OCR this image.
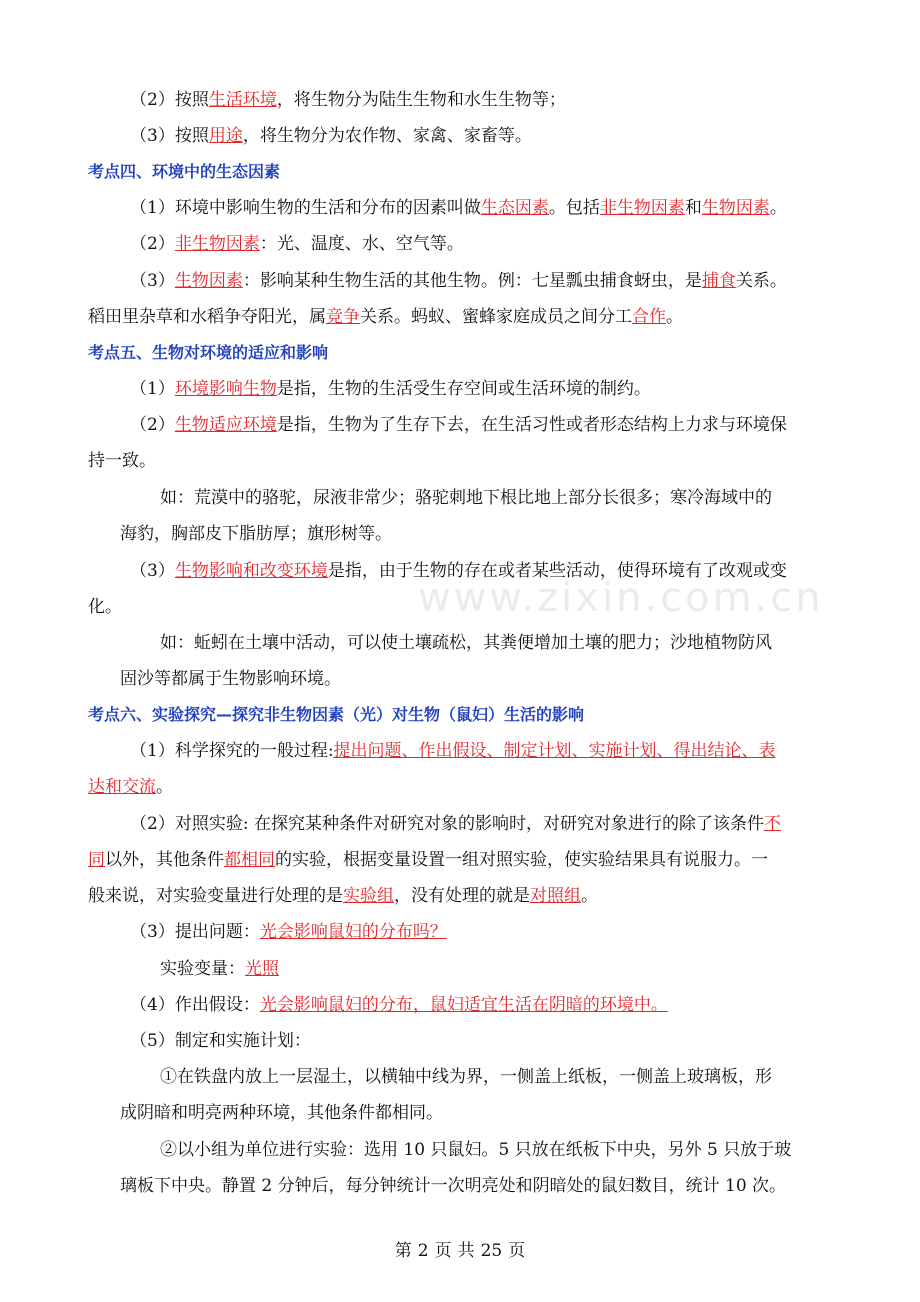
www.zixin.com.cn
（2）按照生活环境，将生物分为陆生生物和水生生物等；
（3）按照用途，将生物分为农作物、家禽、家畜等。
考点四、环境中的生态因素
（1）环境中影响生物的生活和分布的因素叫做生态因素。包括非生物因素和生物因素。
（2）非生物因素：光、温度、水、空气等。
（3）生物因素：影响某种生物生活的其他生物。例：七星瓢虫捕食蚜虫，是捕食关系。
稻田里杂草和水稻争夺阳光，属竞争关系。蚂蚁、蜜蜂家庭成员之间分工合作。
考点五、生物对环境的适应和影响
（1）环境影响生物是指，生物的生活受生存空间或生活环境的制约。
（2）生物适应环境是指，生物为了生存下去，在生活习性或者形态结构上力求与环境保
持一致。
如：荒漠中的骆驼，尿液非常少；骆驼刺地下根比地上部分长很多；寒冷海域中的
海豹，胸部皮下脂肪厚；旗形树等。
（3）生物影响和改变环境是指，由于生物的存在或者某些活动，使得环境有了改观或变
化。
如：蚯蚓在土壤中活动，可以使土壤疏松，其粪便增加土壤的肥力；沙地植物防风
固沙等都属于生物影响环境。
考点六、实验探究—探究非生物因素（光）对生物（鼠妇）生活的影响
（1）科学探究的一般过程:提出问题、作出假设、制定计划、实施计划、得出结论、表
达和交流。
（2）对照实验: 在探究某种条件对研究对象的影响时，对研究对象进行的除了该条件不
同以外，其他条件都相同的实验，根据变量设置一组对照实验，使实验结果具有说服力。一
般来说，对实验变量进行处理的是实验组，没有处理的就是对照组。
（3）提出问题：光会影响鼠妇的分布吗？
实验变量：光照
（4）作出假设：光会影响鼠妇的分布，鼠妇适宜生活在阴暗的环境中。
（5）制定和实施计划：
①在铁盘内放上一层湿土，以横轴中线为界，一侧盖上纸板，一侧盖上玻璃板，形
成阴暗和明亮两种环境，其他条件都相同。
②以小组为单位进行实验：选用 10 只鼠妇。5 只放在纸板下中央，另外 5 只放于玻
璃板下中央。静置 2 分钟后，每分钟统计一次明亮处和阴暗处的鼠妇数目，统计 10 次。
第 2 页 共 25 页
